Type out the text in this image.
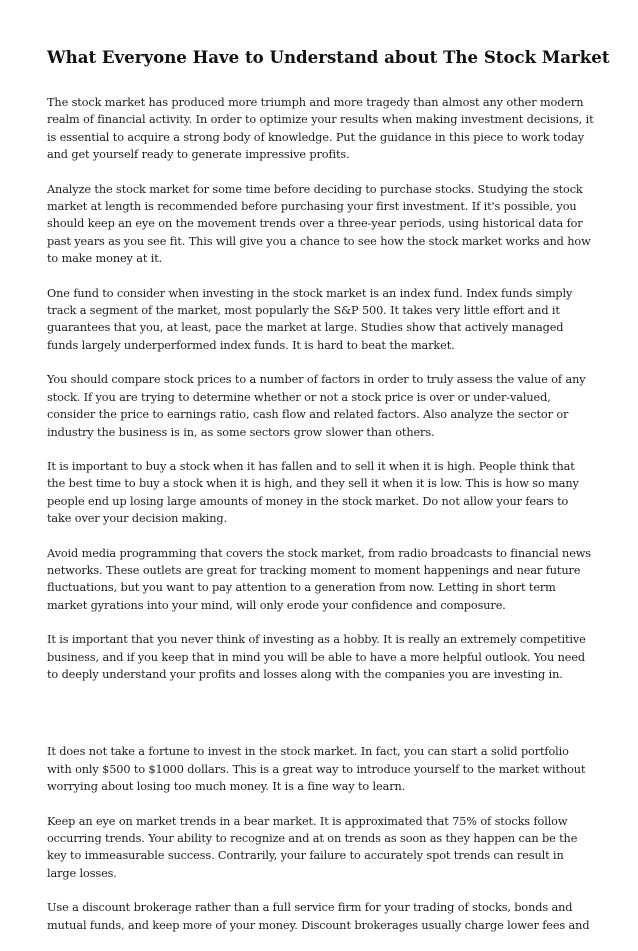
What Everyone Have to Understand about The Stock Market

The stock market has produced more triumph and more tragedy than almost any other modern realm of financial activity. In order to optimize your results when making investment decisions, it is essential to acquire a strong body of knowledge. Put the guidance in this piece to work today and get yourself ready to generate impressive profits.

Analyze the stock market for some time before deciding to purchase stocks. Studying the stock market at length is recommended before purchasing your first investment. If it's possible, you should keep an eye on the movement trends over a three-year periods, using historical data for past years as you see fit. This will give you a chance to see how the stock market works and how to make money at it.

One fund to consider when investing in the stock market is an index fund. Index funds simply track a segment of the market, most popularly the S&P 500. It takes very little effort and it guarantees that you, at least, pace the market at large. Studies show that actively managed funds largely underperformed index funds. It is hard to beat the market.

You should compare stock prices to a number of factors in order to truly assess the value of any stock. If you are trying to determine whether or not a stock price is over or under-valued, consider the price to earnings ratio, cash flow and related factors. Also analyze the sector or industry the business is in, as some sectors grow slower than others.

It is important to buy a stock when it has fallen and to sell it when it is high. People think that the best time to buy a stock when it is high, and they sell it when it is low. This is how so many people end up losing large amounts of money in the stock market. Do not allow your fears to take over your decision making.

Avoid media programming that covers the stock market, from radio broadcasts to financial news networks. These outlets are great for tracking moment to moment happenings and near future fluctuations, but you want to pay attention to a generation from now. Letting in short term market gyrations into your mind, will only erode your confidence and composure.

It is important that you never think of investing as a hobby. It is really an extremely competitive business, and if you keep that in mind you will be able to have a more helpful outlook. You need to deeply understand your profits and losses along with the companies you are investing in.

It does not take a fortune to invest in the stock market. In fact, you can start a solid portfolio with only $500 to $1000 dollars. This is a great way to introduce yourself to the market without worrying about losing too much money. It is a fine way to learn.

Keep an eye on market trends in a bear market. It is approximated that 75% of stocks follow occurring trends. Your ability to recognize and at on trends as soon as they happen can be the key to immeasurable success. Contrarily, your failure to accurately spot trends can result in large losses.

Use a discount brokerage rather than a full service firm for your trading of stocks, bonds and mutual funds, and keep more of your money. Discount brokerages usually charge lower fees and
